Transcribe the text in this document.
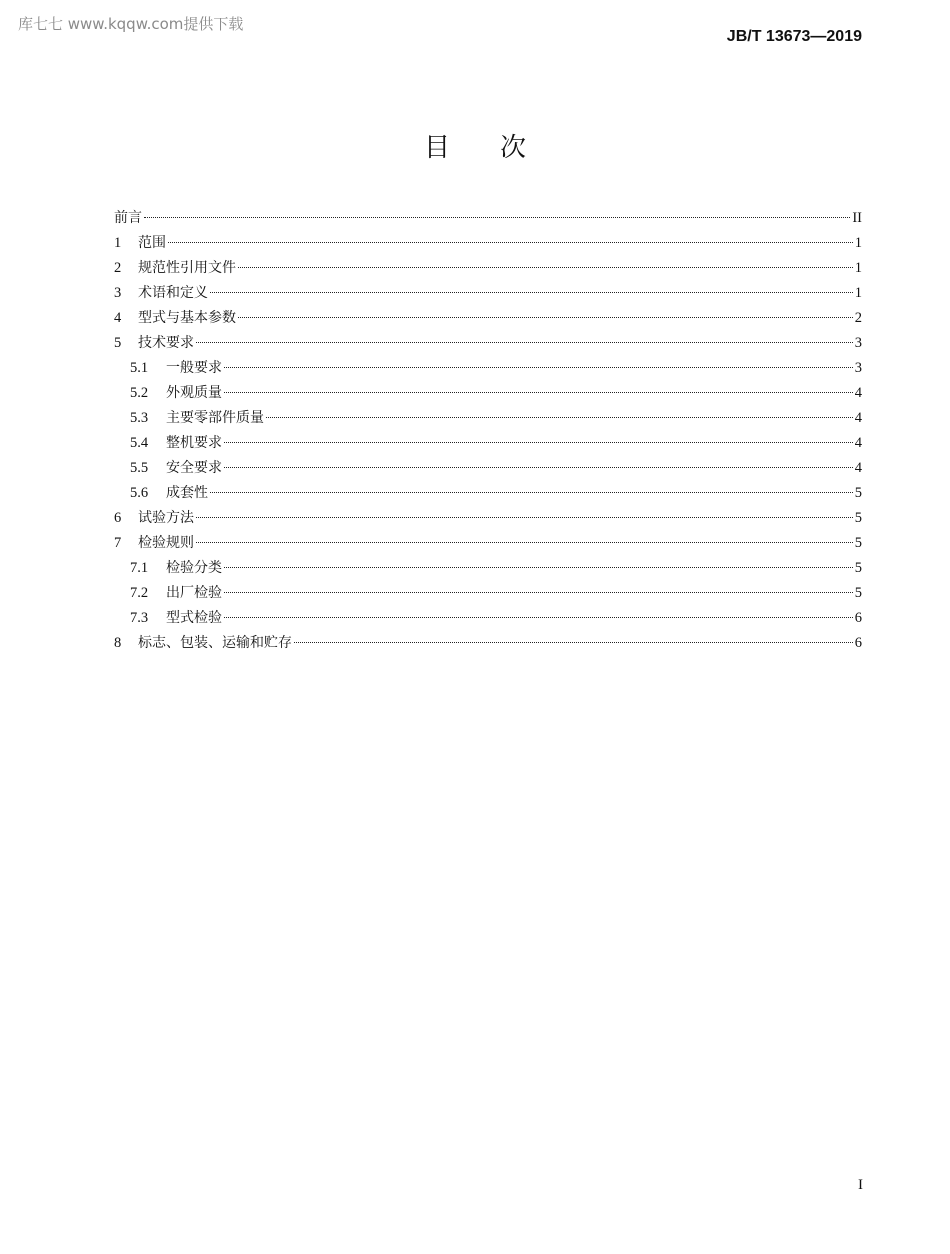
库七七 www.kqqw.com提供下载
JB/T 13673—2019
目次
前言	II
1	范围	1
2	规范性引用文件	1
3	术语和定义	1
4	型式与基本参数	2
5	技术要求	3
5.1	一般要求	3
5.2	外观质量	4
5.3	主要零部件质量	4
5.4	整机要求	4
5.5	安全要求	4
5.6	成套性	5
6	试验方法	5
7	检验规则	5
7.1	检验分类	5
7.2	出厂检验	5
7.3	型式检验	6
8	标志、包装、运输和贮存	6
I
